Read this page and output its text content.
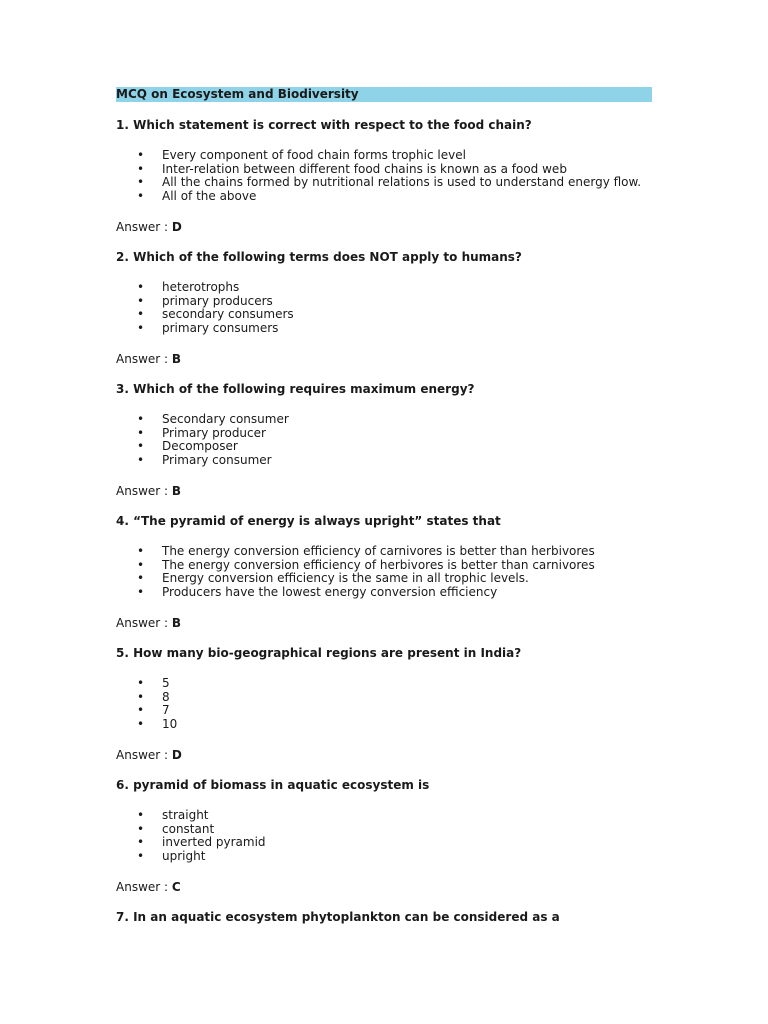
MCQ on Ecosystem and Biodiversity
1. Which statement is correct with respect to the food chain?
• Every component of food chain forms trophic level
• Inter-relation between different food chains is known as a food web
• All the chains formed by nutritional relations is used to understand energy flow.
• All of the above
Answer : D
2. Which of the following terms does NOT apply to humans?
• heterotrophs
• primary producers
• secondary consumers
• primary consumers
Answer : B
3. Which of the following requires maximum energy?
• Secondary consumer
• Primary producer
• Decomposer
• Primary consumer
Answer : B
4. “The pyramid of energy is always upright” states that
• The energy conversion efficiency of carnivores is better than herbivores
• The energy conversion efficiency of herbivores is better than carnivores
• Energy conversion efficiency is the same in all trophic levels.
• Producers have the lowest energy conversion efficiency
Answer : B
5. How many bio-geographical regions are present in India?
• 5
• 8
• 7
• 10
Answer : D
6. pyramid of biomass in aquatic ecosystem is
• straight
• constant
• inverted pyramid
• upright
Answer : C
7. In an aquatic ecosystem phytoplankton can be considered as a
